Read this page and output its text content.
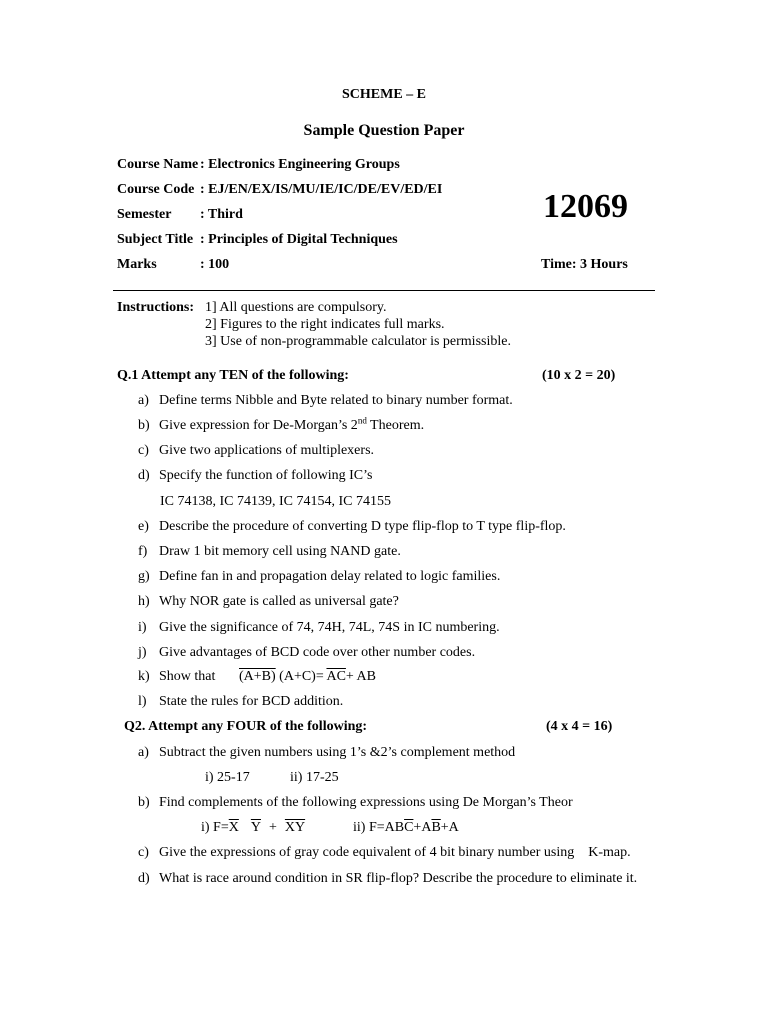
SCHEME – E
Sample Question Paper
Course Name : Electronics Engineering Groups
Course Code : EJ/EN/EX/IS/MU/IE/IC/DE/EV/ED/EI
Semester : Third
Subject Title : Principles of Digital Techniques
Marks	: 100
12069
Time: 3 Hours
Instructions: 1] All questions are compulsory.
2] Figures to the right indicates full marks.
3] Use of non-programmable calculator is permissible.
Q.1 Attempt any TEN of the following:	(10 x 2 = 20)
a) Define terms Nibble and Byte related to binary number format.
b) Give expression for De-Morgan’s 2nd Theorem.
c) Give two applications of multiplexers.
d) Specify the function of following IC’s
IC 74138, IC 74139, IC 74154, IC 74155
e) Describe the procedure of converting D type flip-flop to T type flip-flop.
f) Draw 1 bit memory cell using NAND gate.
g) Define fan in and propagation delay related to logic families.
h) Why NOR gate is called as universal gate?
i) Give the significance of 74, 74H, 74L, 74S in IC numbering.
j) Give advantages of BCD code over other number codes.
k) Show that (A+B) $(A+C)= \overline{AC}+$ AB
l) State the rules for BCD addition.
Q2. Attempt any FOUR of the following:	(4 x 4 = 16)
a) Subtract the given numbers using 1’s &2’s complement method
i) 25-17	ii) 17-25
b) Find complements of the following expressions using De Morgan’s Theor
i) $F=\overline{X}$ $\overline{Y} + \overline{XY}$	ii) $F=AB\overline{C}+A\overline{B}+A$
c) Give the expressions of gray code equivalent of 4 bit binary number using    K-map.
d) What is race around condition in SR flip-flop? Describe the procedure to eliminate it.
